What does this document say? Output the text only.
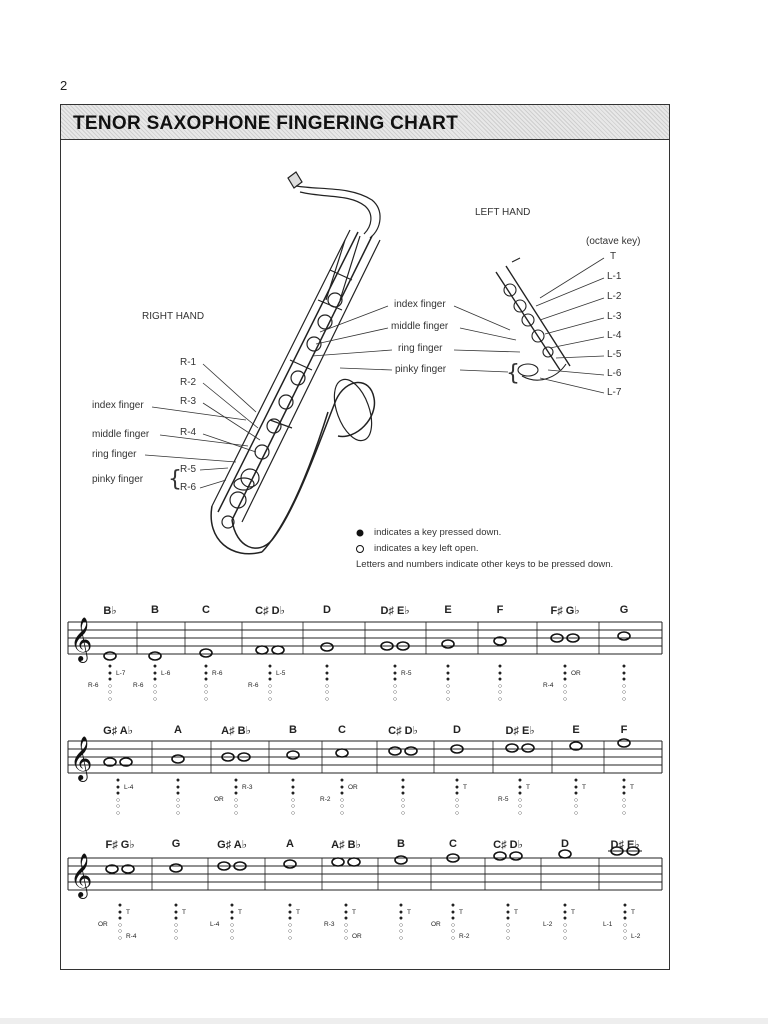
2
TENOR SAXOPHONE FINGERING CHART
{
{
LEFT HAND
(octave key)
RIGHT HAND
T
L-1
L-2
L-3
L-4
L-5
L-6
L-7
index finger
middle finger
ring finger
pinky finger
R-1
R-2
R-3
R-4
R-5
R-6
index finger
middle finger
ring finger
pinky finger
indicates a key pressed down.
indicates a key left open.
Letters and numbers indicate other keys to be pressed down.
𝄞
𝄞
𝄞
B♭
●
●
●
○
○
○
L-7
R-6
B
●
●
●
○
○
○
L-6
R-6
C
●
●
●
○
○
○
R-6
C♯ D♭
●
●
●
○
○
○
L-5
R-6
D
●
●
●
○
○
○
D♯ E♭
●
●
●
○
○
○
R-5
E
●
●
●
○
○
○
F
●
●
●
○
○
○
F♯ G♭
●
●
●
○
○
○
OR
R-4
G
●
●
●
○
○
○
G♯ A♭
●
●
●
○
○
○
L-4
A
●
●
●
○
○
○
A♯ B♭
●
●
●
○
○
○
R-3
OR
B
●
●
●
○
○
○
C
●
●
●
○
○
○
OR
R-2
C♯ D♭
●
●
●
○
○
○
D
●
●
●
○
○
○
T
D♯ E♭
●
●
●
○
○
○
T
R-5
E
●
●
●
○
○
○
T
F
●
●
●
○
○
○
T
F♯ G♭
●
●
●
○
○
○
T
OR
R-4
G
●
●
●
○
○
○
T
G♯ A♭
●
●
●
○
○
○
T
L-4
A
●
●
●
○
○
○
T
A♯ B♭
●
●
●
○
○
○
T
R-3
OR
B
●
●
●
○
○
○
T
C
●
●
●
○
○
○
T
OR
R-2
C♯ D♭
●
●
●
○
○
○
T
D
●
●
●
○
○
○
T
L-2
D♯ E♭
●
●
●
○
○
○
T
L-1
L-2
